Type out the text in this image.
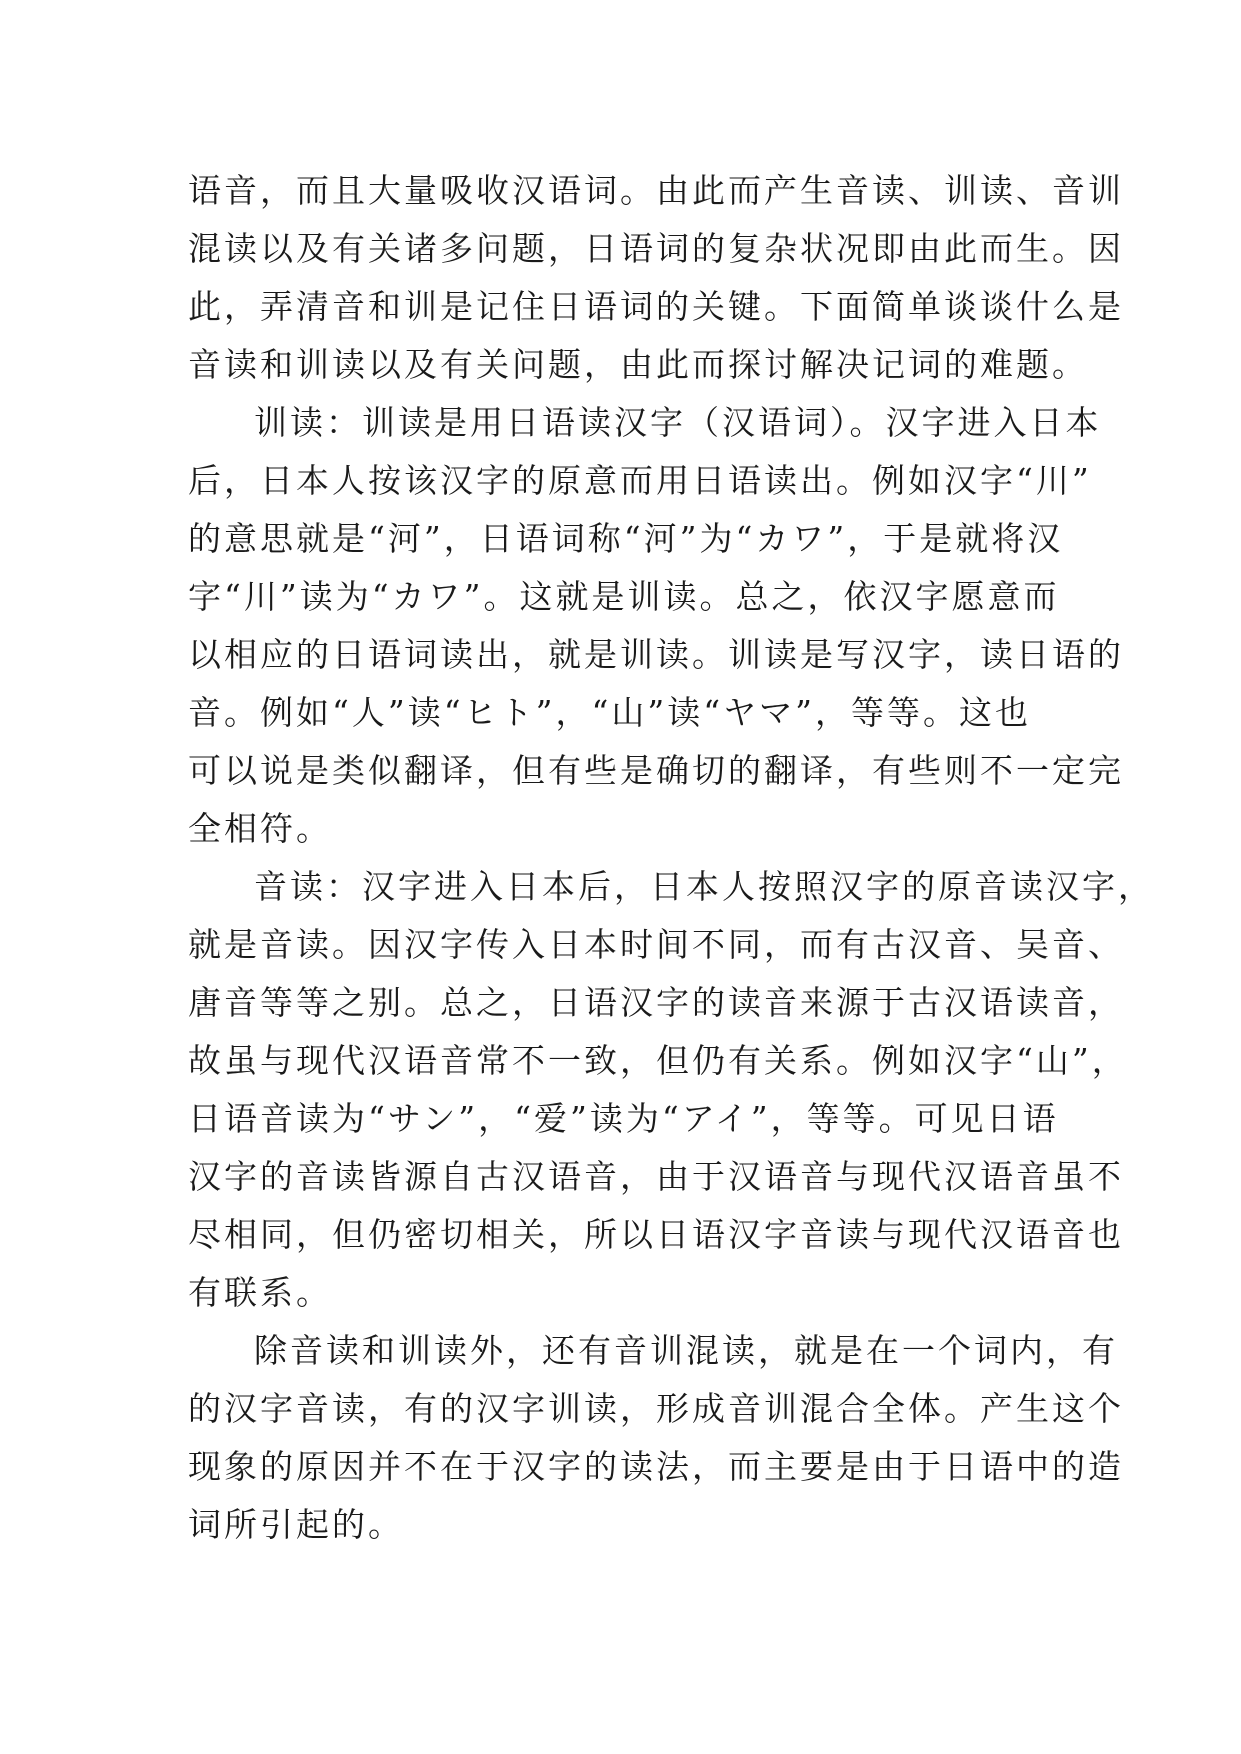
语音，而且大量吸收汉语词。由此而产生音读、训读、音训
混读以及有关诸多问题，日语词的复杂状况即由此而生。因
此，弄清音和训是记住日语词的关键。下面简单谈谈什么是
音读和训读以及有关问题，由此而探讨解决记词的难题。

训读：训读是用日语读汉字（汉语词）。汉字进入日本
后，日本人按该汉字的原意而用日语读出。例如汉字“川”
的意思就是“河”，日语词称“河”为“カワ”，于是就将汉
字“川”读为“カワ”。这就是训读。总之，依汉字愿意而
以相应的日语词读出，就是训读。训读是写汉字，读日语的
音。例如“人”读“ヒト”，“山”读“ヤマ”，等等。这也
可以说是类似翻译，但有些是确切的翻译，有些则不一定完
全相符。

音读：汉字进入日本后，日本人按照汉字的原音读汉字，
就是音读。因汉字传入日本时间不同，而有古汉音、吴音、
唐音等等之别。总之，日语汉字的读音来源于古汉语读音，
故虽与现代汉语音常不一致，但仍有关系。例如汉字“山”，
日语音读为“サン”，“爱”读为“アイ”，等等。可见日语
汉字的音读皆源自古汉语音，由于汉语音与现代汉语音虽不
尽相同，但仍密切相关，所以日语汉字音读与现代汉语音也
有联系。

除音读和训读外，还有音训混读，就是在一个词内，有
的汉字音读，有的汉字训读，形成音训混合全体。产生这个
现象的原因并不在于汉字的读法，而主要是由于日语中的造
词所引起的。
